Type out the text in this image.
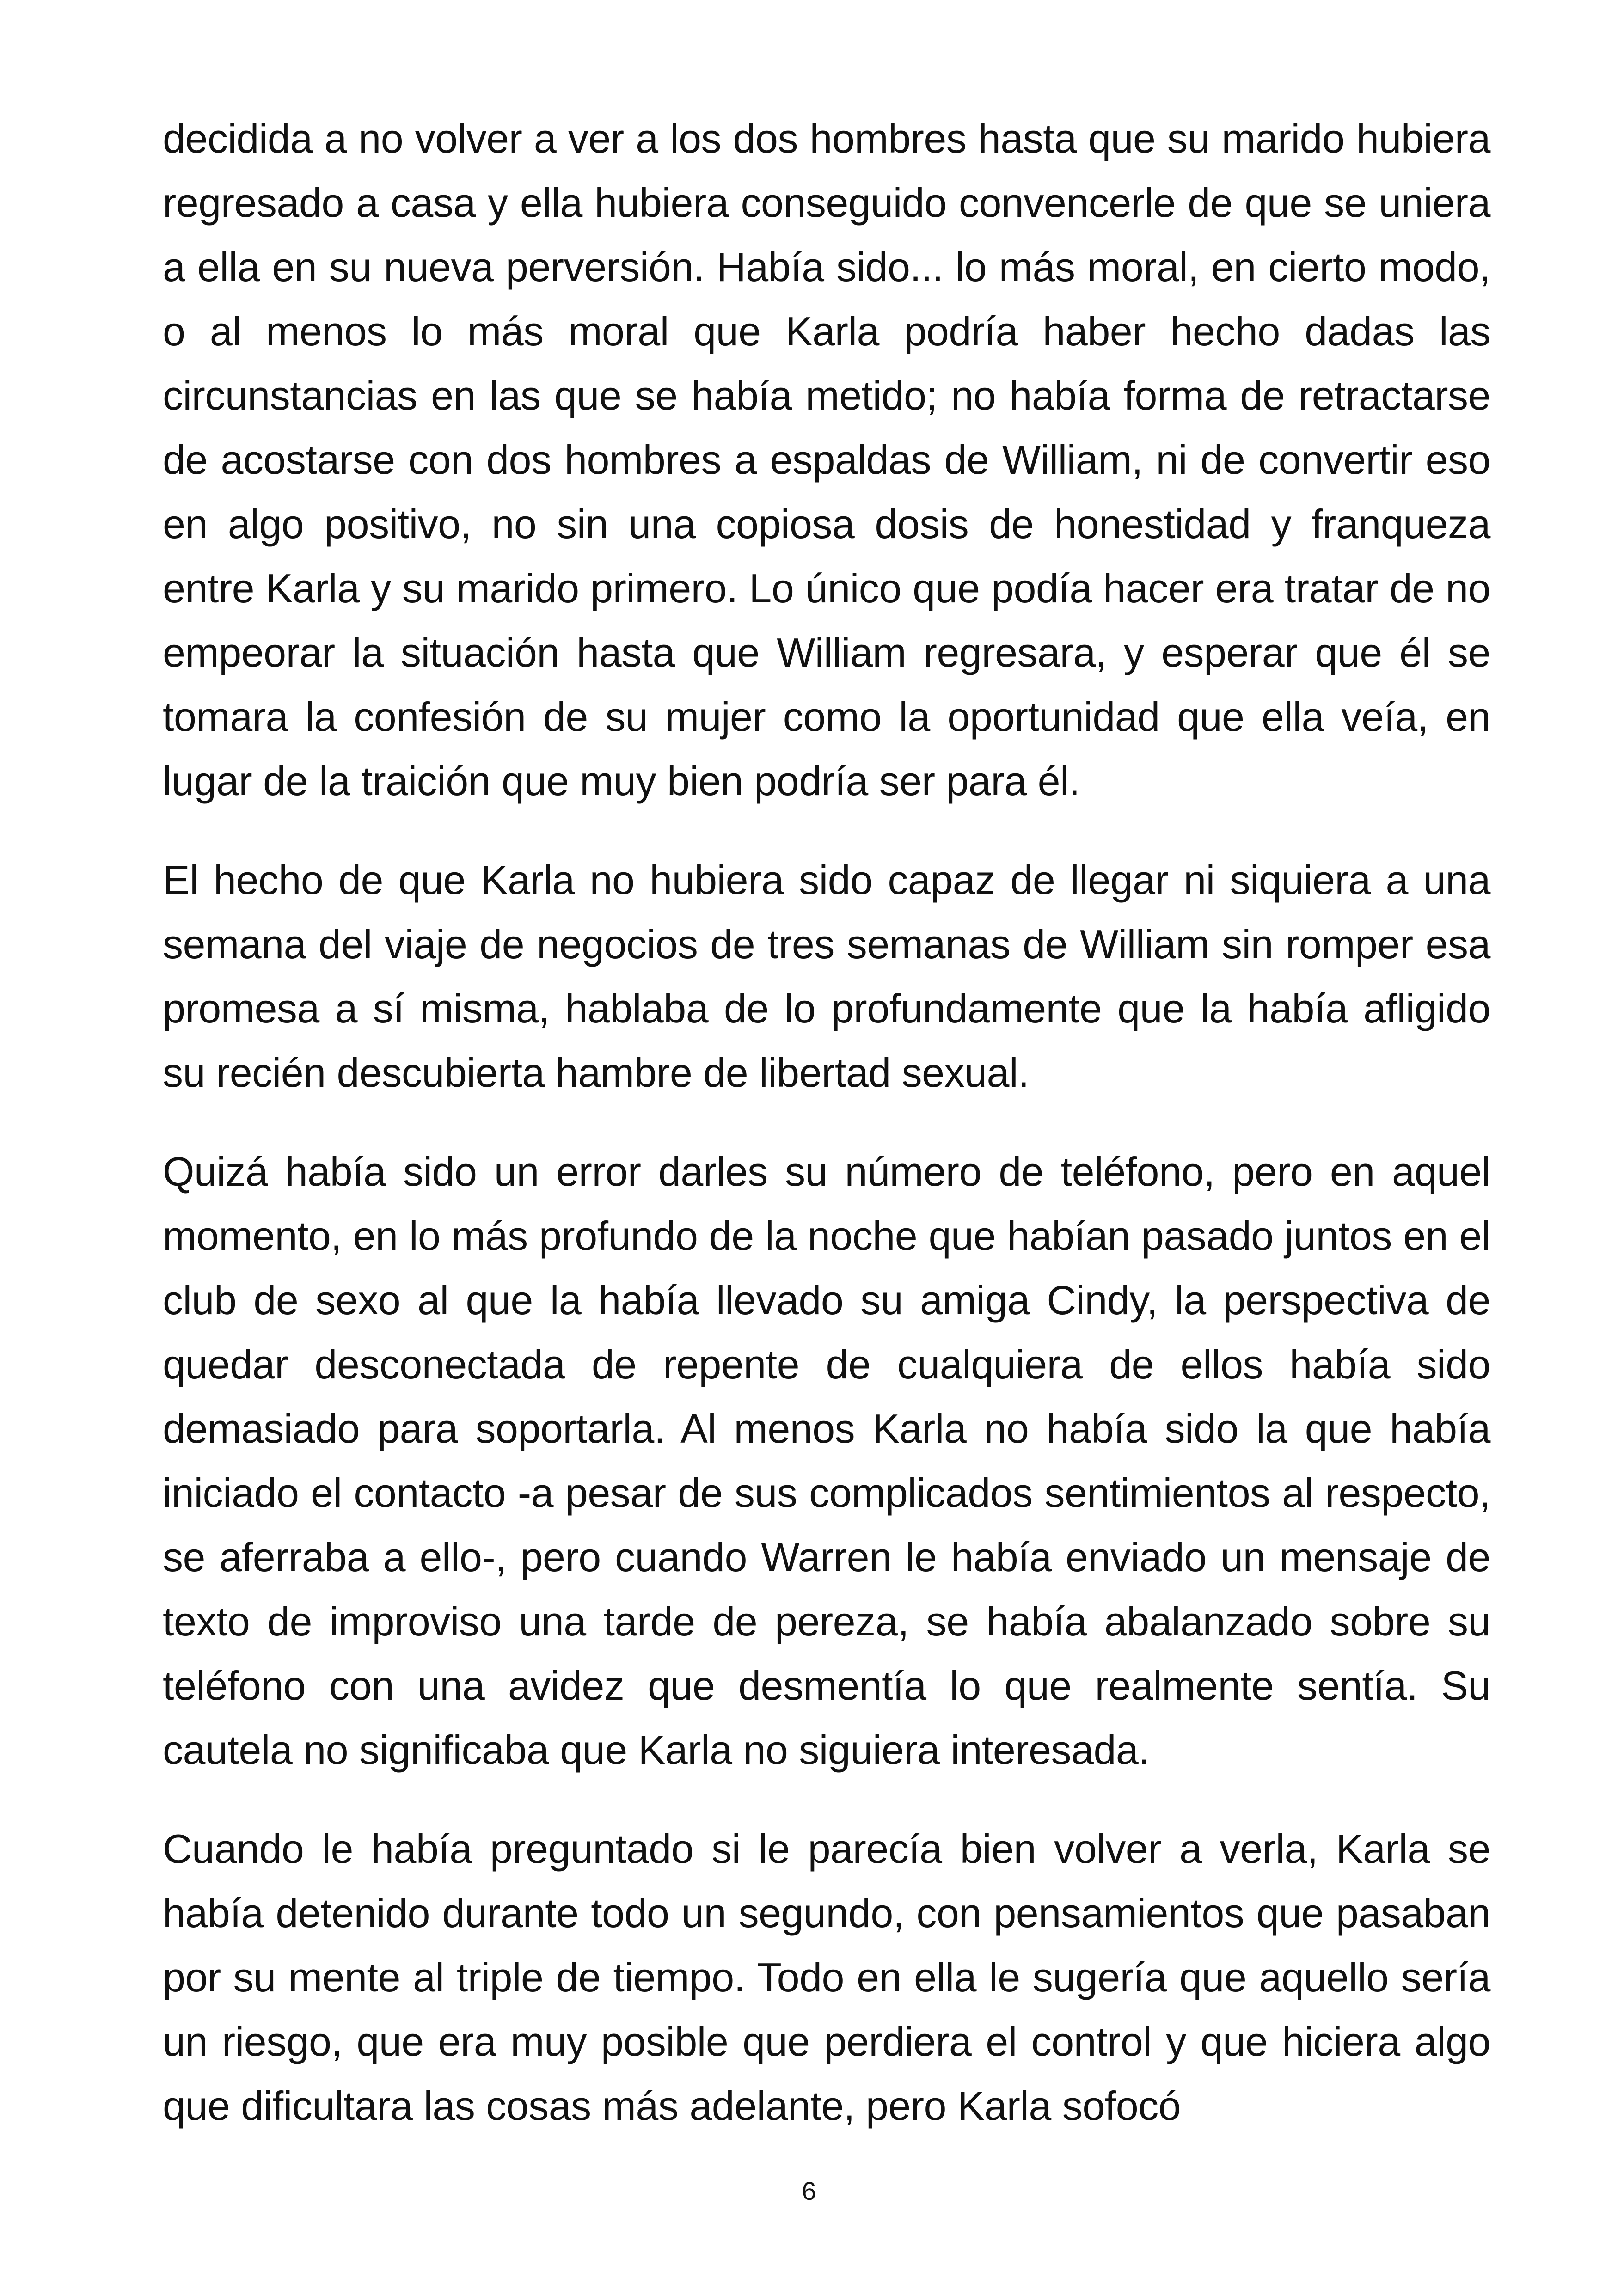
decidida a no volver a ver a los dos hombres hasta que su marido hubiera regresado a casa y ella hubiera conseguido convencerle de que se uniera a ella en su nueva perversión. Había sido... lo más moral, en cierto modo, o al menos lo más moral que Karla podría haber hecho dadas las circunstancias en las que se había metido; no había forma de retractarse de acostarse con dos hombres a espaldas de William, ni de convertir eso en algo positivo, no sin una copiosa dosis de honestidad y franqueza entre Karla y su marido primero. Lo único que podía hacer era tratar de no empeorar la situación hasta que William regresara, y esperar que él se tomara la confesión de su mujer como la oportunidad que ella veía, en lugar de la traición que muy bien podría ser para él.

El hecho de que Karla no hubiera sido capaz de llegar ni siquiera a una semana del viaje de negocios de tres semanas de William sin romper esa promesa a sí misma, hablaba de lo profundamente que la había afligido su recién descubierta hambre de libertad sexual.

Quizá había sido un error darles su número de teléfono, pero en aquel momento, en lo más profundo de la noche que habían pasado juntos en el club de sexo al que la había llevado su amiga Cindy, la perspectiva de quedar desconectada de repente de cualquiera de ellos había sido demasiado para soportarla. Al menos Karla no había sido la que había iniciado el contacto -a pesar de sus complicados sentimientos al respecto, se aferraba a ello-, pero cuando Warren le había enviado un mensaje de texto de improviso una tarde de pereza, se había abalanzado sobre su teléfono con una avidez que desmentía lo que realmente sentía. Su cautela no significaba que Karla no siguiera interesada.

Cuando le había preguntado si le parecía bien volver a verla, Karla se había detenido durante todo un segundo, con pensamientos que pasaban por su mente al triple de tiempo. Todo en ella le sugería que aquello sería un riesgo, que era muy posible que perdiera el control y que hiciera algo que dificultara las cosas más adelante, pero Karla sofocó

6
